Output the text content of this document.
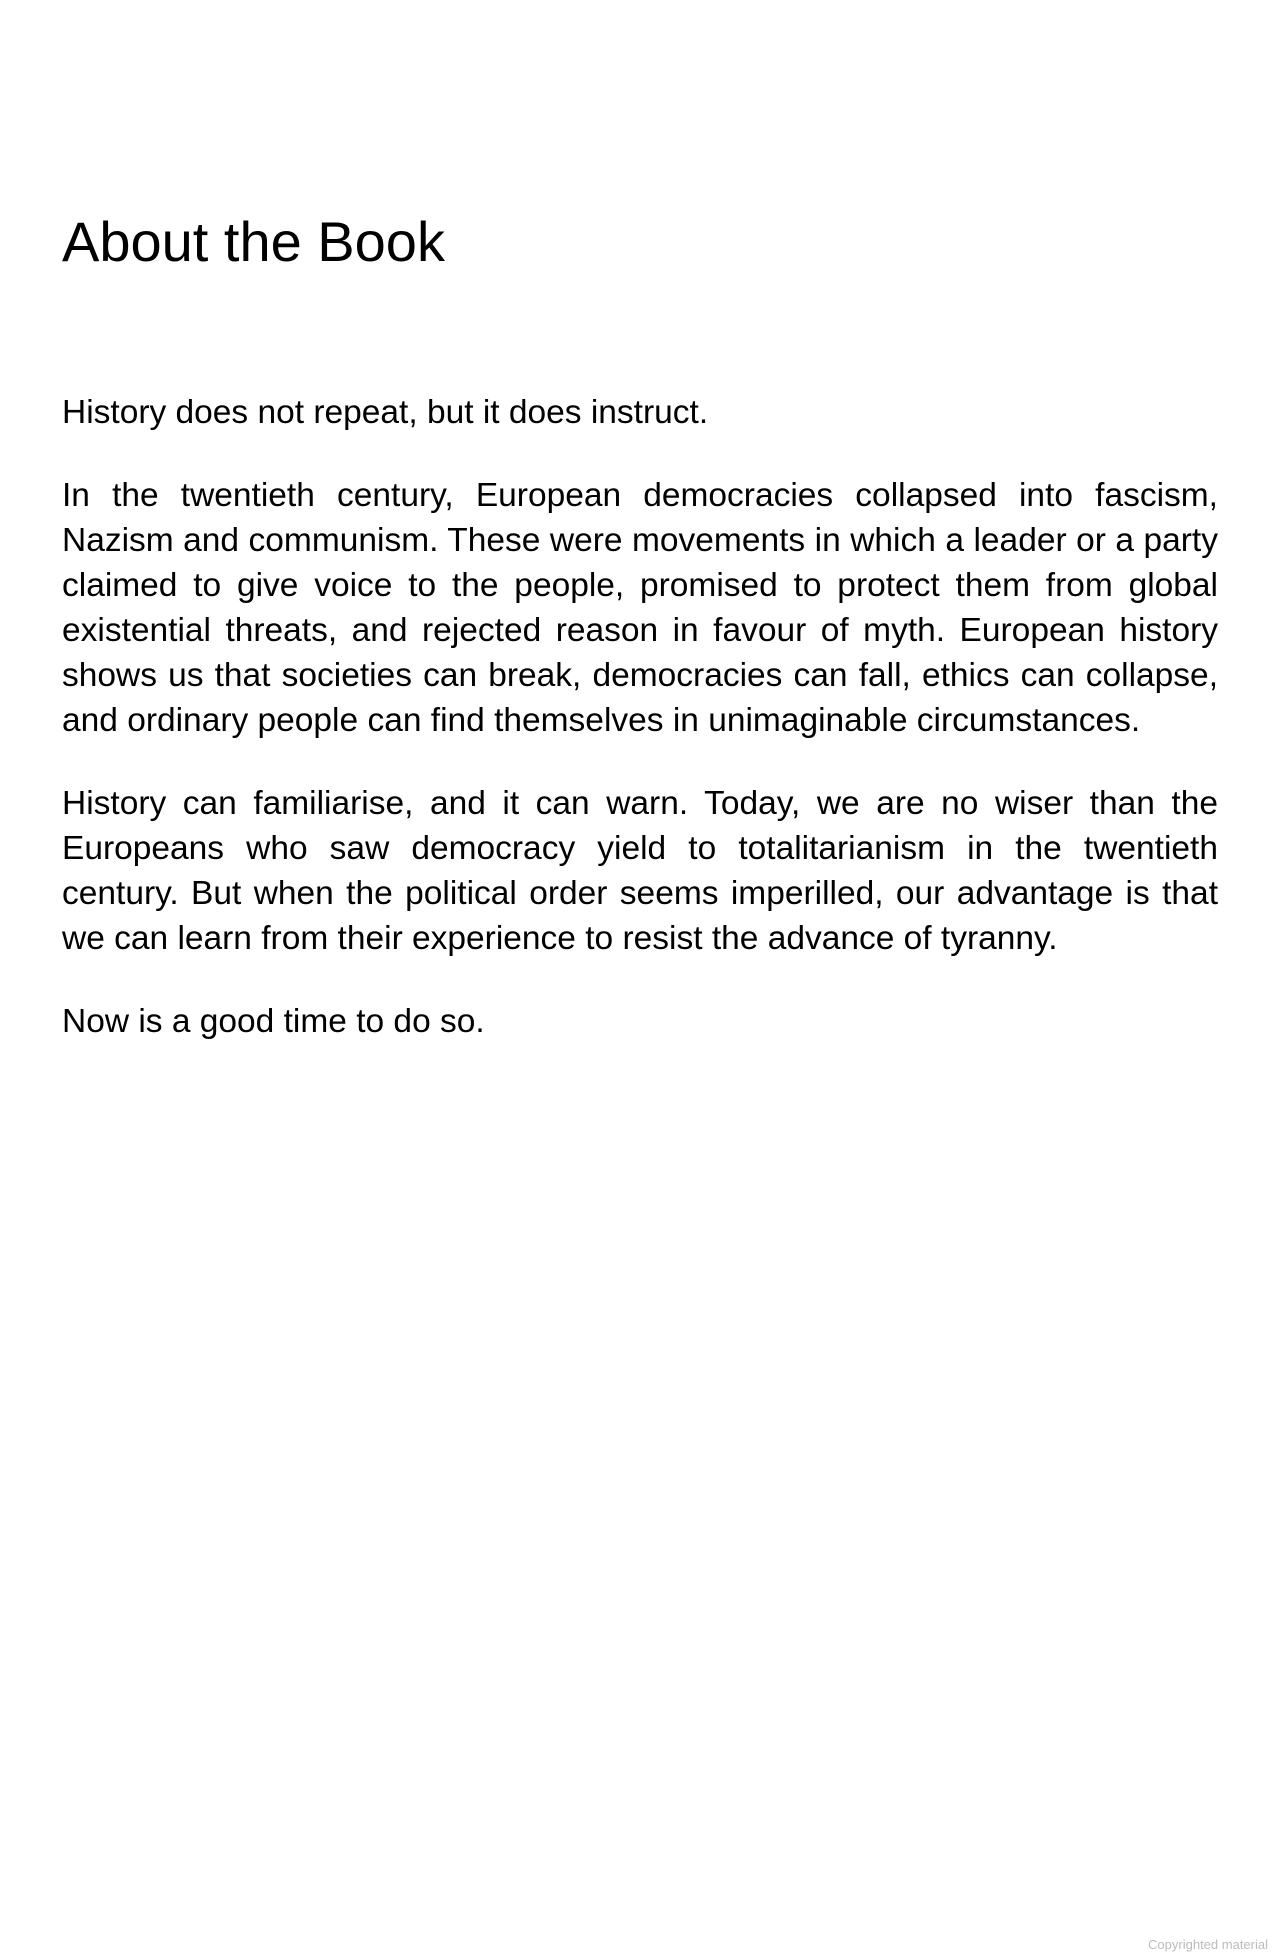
About the Book

History does not repeat, but it does instruct.

In the twentieth century, European democracies collapsed into fascism, Nazism and communism. These were movements in which a leader or a party claimed to give voice to the people, promised to protect them from global existential threats, and rejected reason in favour of myth. European history shows us that societies can break, democracies can fall, ethics can collapse, and ordinary people can find themselves in unimaginable circumstances.

History can familiarise, and it can warn. Today, we are no wiser than the Europeans who saw democracy yield to totalitarianism in the twentieth century. But when the political order seems imperilled, our advantage is that we can learn from their experience to resist the advance of tyranny.

Now is a good time to do so.

Copyrighted material
